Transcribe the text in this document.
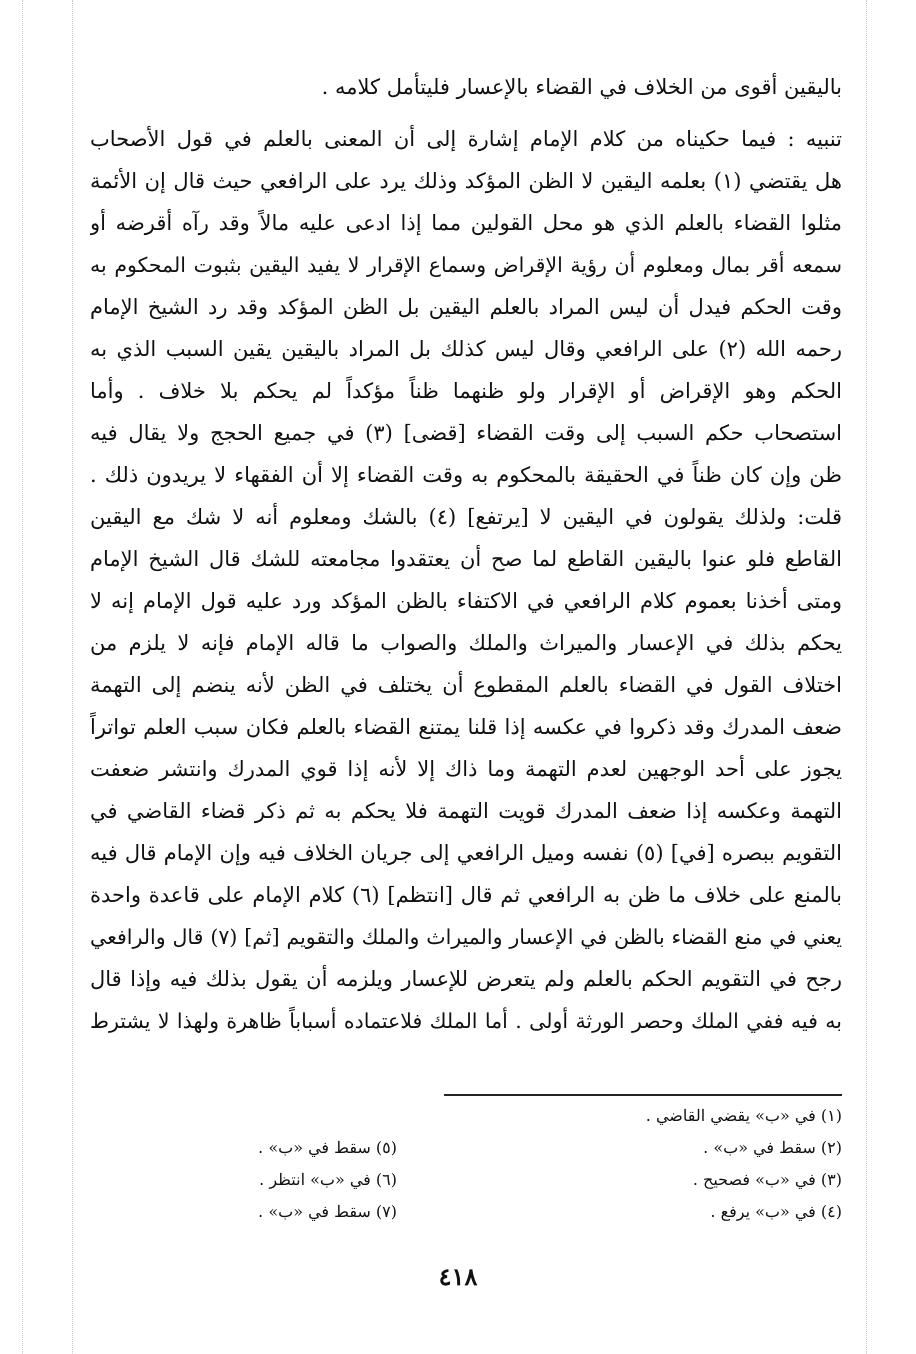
باليقين أقوى من الخلاف في القضاء بالإعسار فليتأمل كلامه .
تنبيه : فيما حكيناه من كلام الإمام إشارة إلى أن المعنى بالعلم في قول الأصحاب
هل يقتضي (١) بعلمه اليقين لا الظن المؤكد وذلك يرد على الرافعي حيث قال إن الأئمة
مثلوا القضاء بالعلم الذي هو محل القولين مما إذا ادعى عليه مالاً وقد رآه أقرضه أو
سمعه أقر بمال ومعلوم أن رؤية الإقراض وسماع الإقرار لا يفيد اليقين بثبوت المحكوم به
وقت الحكم فيدل أن ليس المراد بالعلم اليقين بل الظن المؤكد وقد رد الشيخ الإمام
رحمه الله (٢) على الرافعي وقال ليس كذلك بل المراد باليقين يقين السبب الذي به
الحكم وهو الإقراض أو الإقرار ولو ظنهما ظناً مؤكداً لم يحكم بلا خلاف . وأما
استصحاب حكم السبب إلى وقت القضاء [قضى] (٣) في جميع الحجج ولا يقال فيه
ظن وإن كان ظناً في الحقيقة بالمحكوم به وقت القضاء إلا أن الفقهاء لا يريدون ذلك .
قلت: ولذلك يقولون في اليقين لا [يرتفع] (٤) بالشك ومعلوم أنه لا شك مع اليقين
القاطع فلو عنوا باليقين القاطع لما صح أن يعتقدوا مجامعته للشك قال الشيخ الإمام
ومتى أخذنا بعموم كلام الرافعي في الاكتفاء بالظن المؤكد ورد عليه قول الإمام إنه لا
يحكم بذلك في الإعسار والميراث والملك والصواب ما قاله الإمام فإنه لا يلزم من
اختلاف القول في القضاء بالعلم المقطوع أن يختلف في الظن لأنه ينضم إلى التهمة
ضعف المدرك وقد ذكروا في عكسه إذا قلنا يمتنع القضاء بالعلم فكان سبب العلم تواتراً
يجوز على أحد الوجهين لعدم التهمة وما ذاك إلا لأنه إذا قوي المدرك وانتشر ضعفت
التهمة وعكسه إذا ضعف المدرك قويت التهمة فلا يحكم به ثم ذكر قضاء القاضي في
التقويم ببصره [في] (٥) نفسه وميل الرافعي إلى جريان الخلاف فيه وإن الإمام قال فيه
بالمنع على خلاف ما ظن به الرافعي ثم قال [انتظم] (٦) كلام الإمام على قاعدة واحدة
يعني في منع القضاء بالظن في الإعسار والميراث والملك والتقويم [ثم] (٧) قال والرافعي
رجح في التقويم الحكم بالعلم ولم يتعرض للإعسار ويلزمه أن يقول بذلك فيه وإذا قال
به فيه ففي الملك وحصر الورثة أولى . أما الملك فلاعتماده أسباباً ظاهرة ولهذا لا يشترط
(١) في «ب» يقضي القاضي .
(٢) سقط في «ب» .
(٥) سقط في «ب» .
(٣) في «ب» فصحيح .
(٦) في «ب» انتظر .
(٤) في «ب» يرفع .
(٧) سقط في «ب» .
٤١٨
